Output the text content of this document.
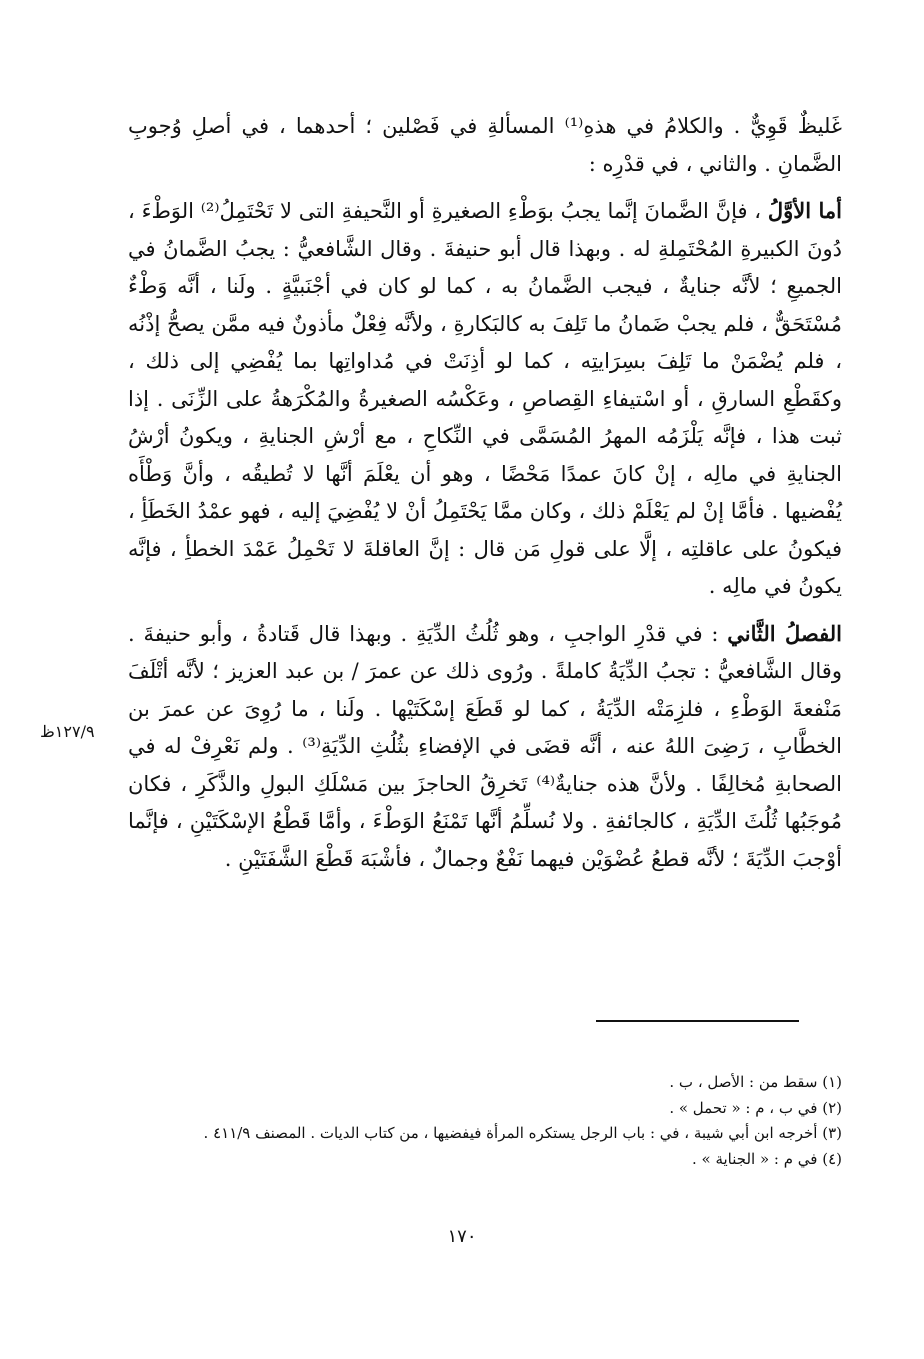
غَليظٌ قَوِيٌّ . والكلامُ في هذهِ⁽¹⁾ المسألةِ في فَصْلين ؛ أحدهما ، في أصلِ وُجوبِ الضَّمانِ . والثاني ، في قدْرِه :

أما الأوَّلُ ، فإنَّ الضَّمانَ إنَّما يجبُ بوَطْءِ الصغيرةِ أو النَّحيفةِ التى لا تَحْتَمِلُ⁽²⁾ الوَطْءَ ، دُونَ الكبيرةِ المُحْتَمِلةِ له . وبهذا قال أبو حنيفةَ . وقال الشَّافعيُّ : يجبُ الضَّمانُ في الجميعِ ؛ لأنَّه جنايةٌ ، فيجب الضَّمانُ به ، كما لو كان في أجْنَبيَّةٍ . ولَنا ، أنَّه وَطْءٌ مُسْتَحَقٌّ ، فلم يجبْ ضَمانُ ما تَلِفَ به كالبَكارةِ ، ولأنَّه فِعْلٌ مأذونٌ فيه ممَّن يصحُّ إذْنُه ، فلم يُضْمَنْ ما تَلِفَ بسِرَايتِه ، كما لو أذِنَتْ في مُداواتِها بما يُفْضِي إلى ذلك ، وكقَطْعِ السارقِ ، أو اسْتيفاءِ القِصاصِ ، وعَكْسُه الصغيرةُ والمُكْرَهةُ على الزِّنَى . إذا ثبت هذا ، فإنَّه يَلْزَمُه المهرُ المُسَمَّى في النِّكاحِ ، مع أرْشِ الجنايةِ ، ويكونُ أرْشُ الجنايةِ في مالِه ، إنْ كانَ عمدًا مَحْضًا ، وهو أن يعْلَمَ أنَّها لا تُطيقُه ، وأنَّ وَطْأَه يُفْضيها . فأمَّا إنْ لم يَعْلَمْ ذلك ، وكان ممَّا يَحْتَمِلُ أنْ لا يُفْضِيَ إليه ، فهو عمْدُ الخَطَأِ ، فيكونُ على عاقلتِه ، إلَّا على قولِ مَن قال : إنَّ العاقلةَ لا تَحْمِلُ عَمْدَ الخطأِ ، فإنَّه يكونُ في مالِه .

الفصلُ الثَّاني : في قدْرِ الواجبِ ، وهو ثُلُثُ الدِّيَةِ . وبهذا قال قَتادةُ ، وأبو حنيفةَ . وقال الشَّافعيُّ : تجبُ الدِّيَةُ كاملةً . ورُوى ذلك عن عمرَ / بن عبد العزيز ؛ لأنَّه أتْلَفَ مَنْفعةَ الوَطْءِ ، فلزِمَتْه الدِّيَةُ ، كما لو قَطَعَ إسْكَتَيْها . ولَنا ، ما رُوِىَ عن عمرَ بن الخطَّابِ ، رَضِىَ اللهُ عنه ، أنَّه قضَى في الإفضاءِ بثُلُثِ الدِّيَةِ⁽³⁾ . ولم نَعْرِفْ له في الصحابةِ مُخالِفًا . ولأنَّ هذه جنايةٌ⁽⁴⁾ تَخرِقُ الحاجزَ بين مَسْلَكِ البولِ والذَّكَرِ ، فكان مُوجَبُها ثُلُثَ الدِّيَةِ ، كالجائفةِ . ولا نُسلِّمُ أنَّها تَمْنَعُ الوَطْءَ ، وأمَّا قَطْعُ الإسْكَتَيْنِ ، فإنَّما أوْجبَ الدِّيَةَ ؛ لأنَّه قطعُ عُضْوَيْن فيهما نَفْعٌ وجمالٌ ، فأشْبَهَ قَطْعَ الشَّفَتَيْنِ .

١٢٧/٩ظ

(١) سقط من : الأصل ، ب .

(٢) في ب ، م : « تحمل » .

(٣) أخرجه ابن أبي شيبة ، في : باب الرجل يستكره المرأة فيفضيها ، من كتاب الديات . المصنف ٤١١/٩ .

(٤) في م : « الجناية » .

١٧٠
